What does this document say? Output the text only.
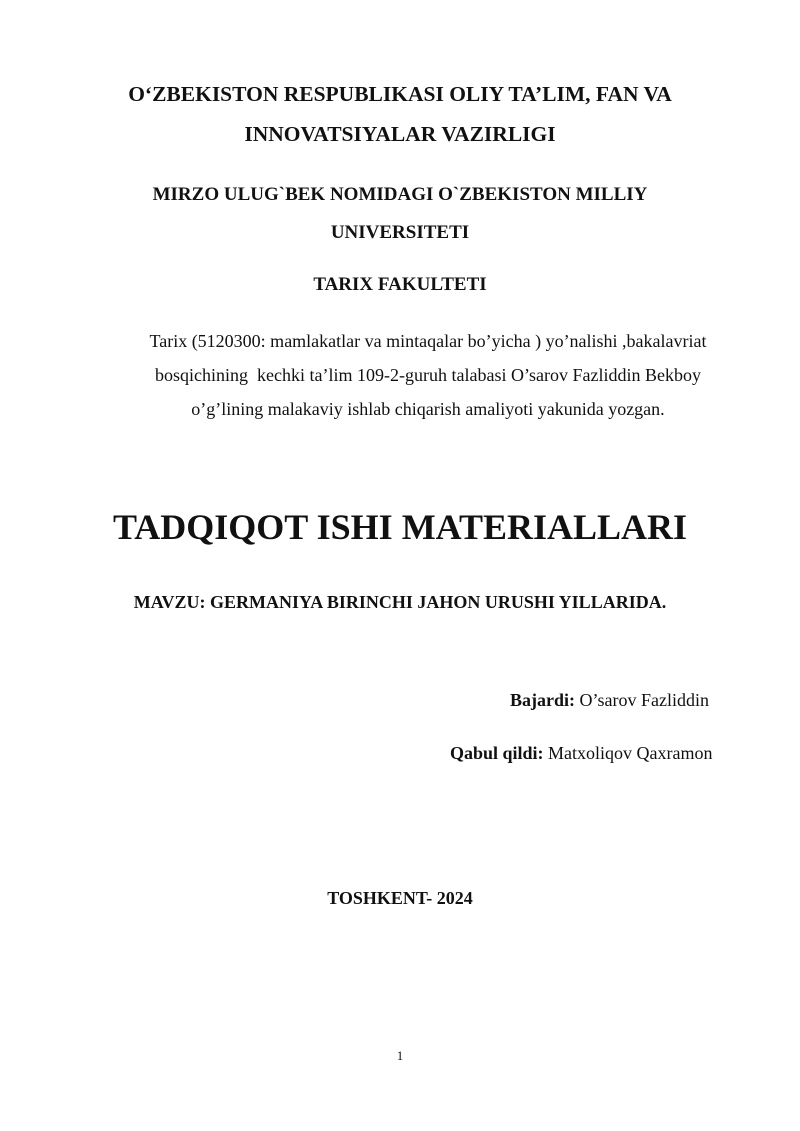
O‘ZBEKISTON RESPUBLIKASI OLIY TA’LIM, FAN VA
INNOVATSIYALAR VAZIRLIGI
MIRZO ULUG`BEK NOMIDAGI O`ZBEKISTON MILLIY
UNIVERSITETI
TARIX FAKULTETI
Tarix (5120300: mamlakatlar va mintaqalar bo’yicha ) yo’nalishi ,bakalavriat
bosqichining  kechki ta’lim 109-2-guruh talabasi O’sarov Fazliddin Bekboy
o’g’lining malakaviy ishlab chiqarish amaliyoti yakunida yozgan.
TADQIQOT ISHI MATERIALLARI
MAVZU: GERMANIYA BIRINCHI JAHON URUSHI YILLARIDA.
Bajardi: O’sarov Fazliddin
Qabul qildi: Matxoliqov Qaxramon
TOSHKENT- 2024
1
